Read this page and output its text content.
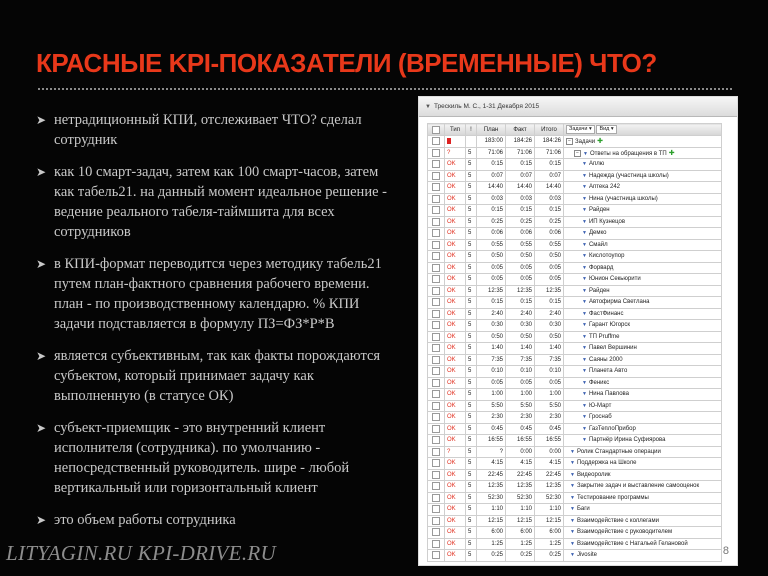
КРАСНЫЕ KPI-ПОКАЗАТЕЛИ (ВРЕМЕННЫЕ) ЧТО?
➤ нетрадиционный КПИ, отслеживает ЧТО? сделал сотрудник
➤ как 10 смарт-задач, затем как 100 смарт-часов, затем как табель21. на данный момент идеальное решение - ведение реального табеля-таймшита для всех сотрудников
➤ в КПИ-формат переводится через методику табель21 путем план-фактного сравнения рабочего времени. план - по производственному календарю. % КПИ задачи подставляется в формулу ПЗ=ФЗ*Р*В
➤ является субъективным, так как факты порождаются субъектом, который принимает задачу как выполненную (в статусе ОК)
➤ субъект-приемщик - это внутренний клиент исполнителя (сотрудника). по умолчанию - непосредственный руководитель. шире - любой вертикальный или горизонтальный клиент
➤ это объем работы сотрудника
LITYAGIN.RU KPI-DRIVE.RU
▼ Трескиль М. С., 1-31 Декабря 2015
	Тип	!	План	Факт	Итого	Задачи ▾ Вид ▾
			183:00	184:26	184:26	− Задачи ✚
	?	5	71:06	71:06	71:06	− ▼ Ответы на обращения в ТП ✚
	OK	5	0:15	0:15	0:15	▼ Аплю
	OK	5	0:07	0:07	0:07	▼ Надежда (участница школы)
	OK	5	14:40	14:40	14:40	▼ Аптека 242
	OK	5	0:03	0:03	0:03	▼ Нина (участница школы)
	OK	5	0:15	0:15	0:15	▼ Райден
	OK	5	0:25	0:25	0:25	▼ ИП Кузнецов
	OK	5	0:06	0:06	0:06	▼ Демко
	OK	5	0:55	0:55	0:55	▼ Смайл
	OK	5	0:50	0:50	0:50	▼ Кислотоупор
	OK	5	0:05	0:05	0:05	▼ Форвард
	OK	5	0:05	0:05	0:05	▼ Юнион Секьюрити
	OK	5	12:35	12:35	12:35	▼ Райден
	OK	5	0:15	0:15	0:15	▼ Автофирма Светлана
	OK	5	2:40	2:40	2:40	▼ ФастФинанс
	OK	5	0:30	0:30	0:30	▼ Гарант Югорск
	OK	5	0:50	0:50	0:50	▼ ТП Pruffme
	OK	5	1:40	1:40	1:40	▼ Павел Вершинин
	OK	5	7:35	7:35	7:35	▼ Саяны 2000
	OK	5	0:10	0:10	0:10	▼ Планета Авто
	OK	5	0:05	0:05	0:05	▼ Феникс
	OK	5	1:00	1:00	1:00	▼ Нина Павлова
	OK	5	5:50	5:50	5:50	▼ Ю-Март
	OK	5	2:30	2:30	2:30	▼ Гроснаб
	OK	5	0:45	0:45	0:45	▼ ГазТеплоПрибор
	OK	5	16:55	16:55	16:55	▼ Партнёр Ирина Суфиярова
	?	5	?	0:00	0:00	▼ Ролик Стандартные операции
	OK	5	4:15	4:15	4:15	▼ Поддержка на Школе
	OK	5	22:45	22:45	22:45	▼ Видеоролик
	OK	5	12:35	12:35	12:35	▼ Закрытие задач и выставление самооценок
	OK	5	52:30	52:30	52:30	▼ Тестирование программы
	OK	5	1:10	1:10	1:10	▼ Баги
	OK	5	12:15	12:15	12:15	▼ Взаимодействие с коллегами
	OK	5	6:00	6:00	6:00	▼ Взаимодействие с руководителем
	OK	5	1:25	1:25	1:25	▼ Взаимодействие с Натальей Гелановой
	OK	5	0:25	0:25	0:25	▼ Jivosite	8
